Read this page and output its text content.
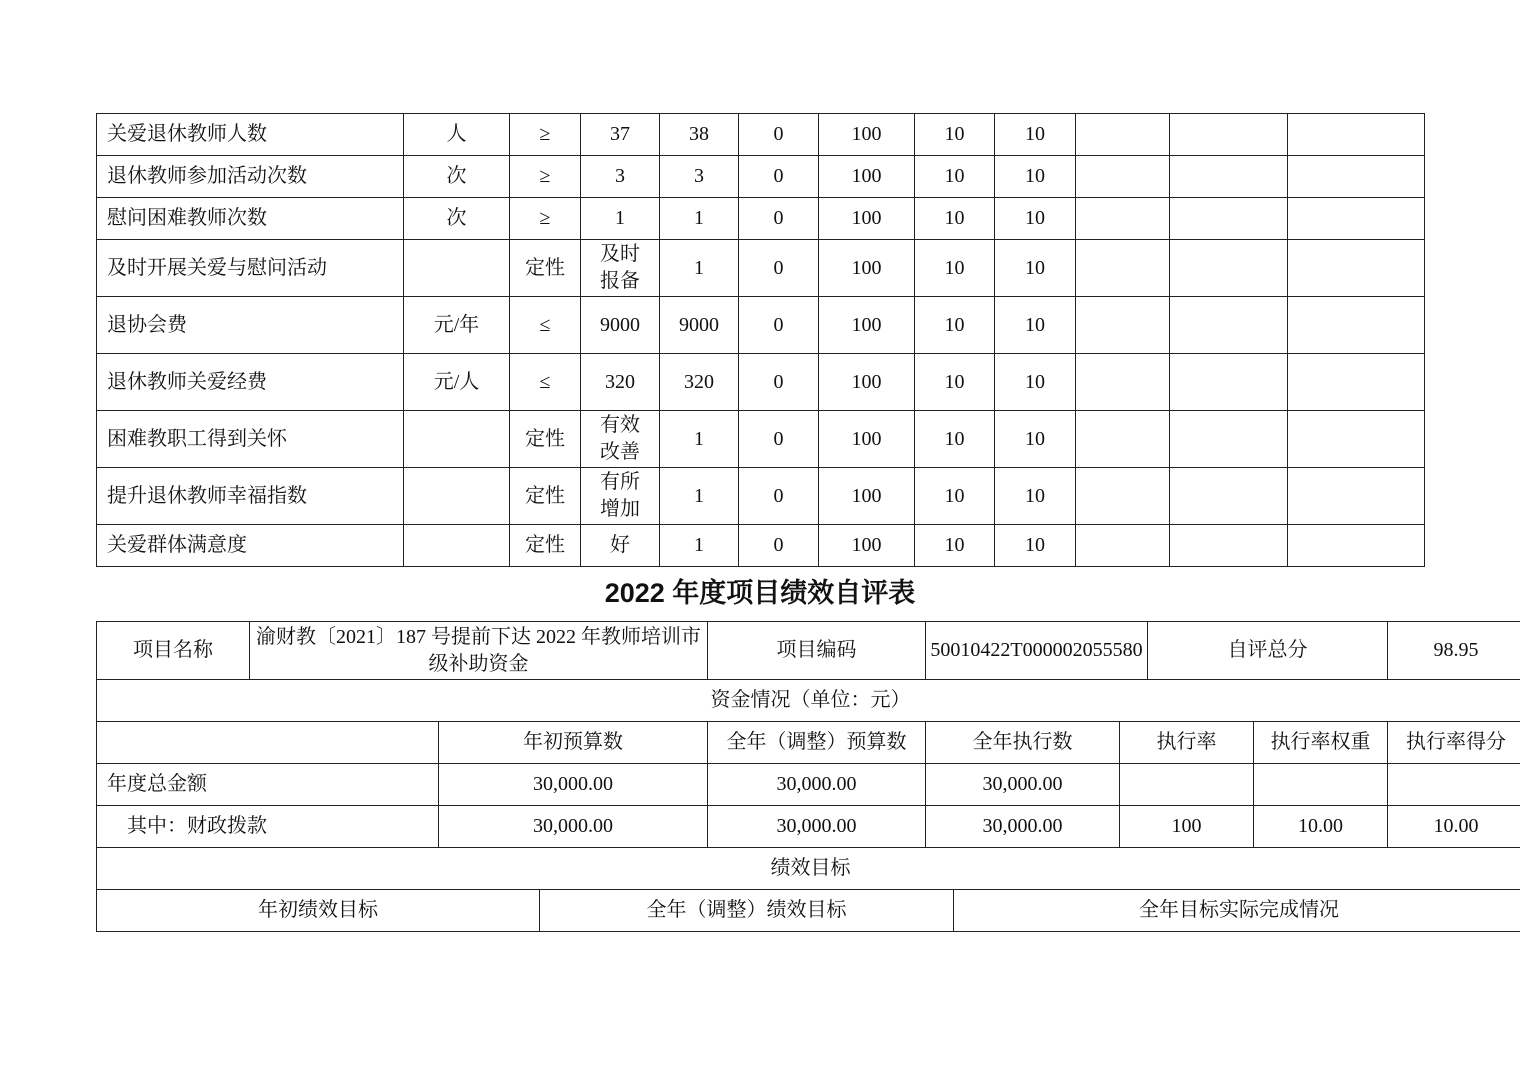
关爱退休教师人数	人	≥	37	38	0	100	10	10			
退休教师参加活动次数	次	≥	3	3	0	100	10	10			
慰问困难教师次数	次	≥	1	1	0	100	10	10			
及时开展关爱与慰问活动		定性	及时报备	1	0	100	10	10			
退协会费	元/年	≤	9000	9000	0	100	10	10			
退休教师关爱经费	元/人	≤	320	320	0	100	10	10			
困难教职工得到关怀		定性	有效改善	1	0	100	10	10			
提升退休教师幸福指数		定性	有所增加	1	0	100	10	10			
关爱群体满意度		定性	好	1	0	100	10	10			
2022 年度项目绩效自评表
项目名称	渝财教〔2021〕187 号提前下达 2022 年教师培训市级补助资金			项目编码	50010422T000002055580			自评总分		98.95
资金情况（单位：元）										
		年初预算数		全年（调整）预算数	全年执行数		执行率		执行率权重	执行率得分
年度总金额		30,000.00		30,000.00	30,000.00					
其中：财政拨款		30,000.00		30,000.00	30,000.00		100		10.00	10.00
绩效目标										
年初绩效目标			全年（调整）绩效目标			全年目标实际完成情况				
